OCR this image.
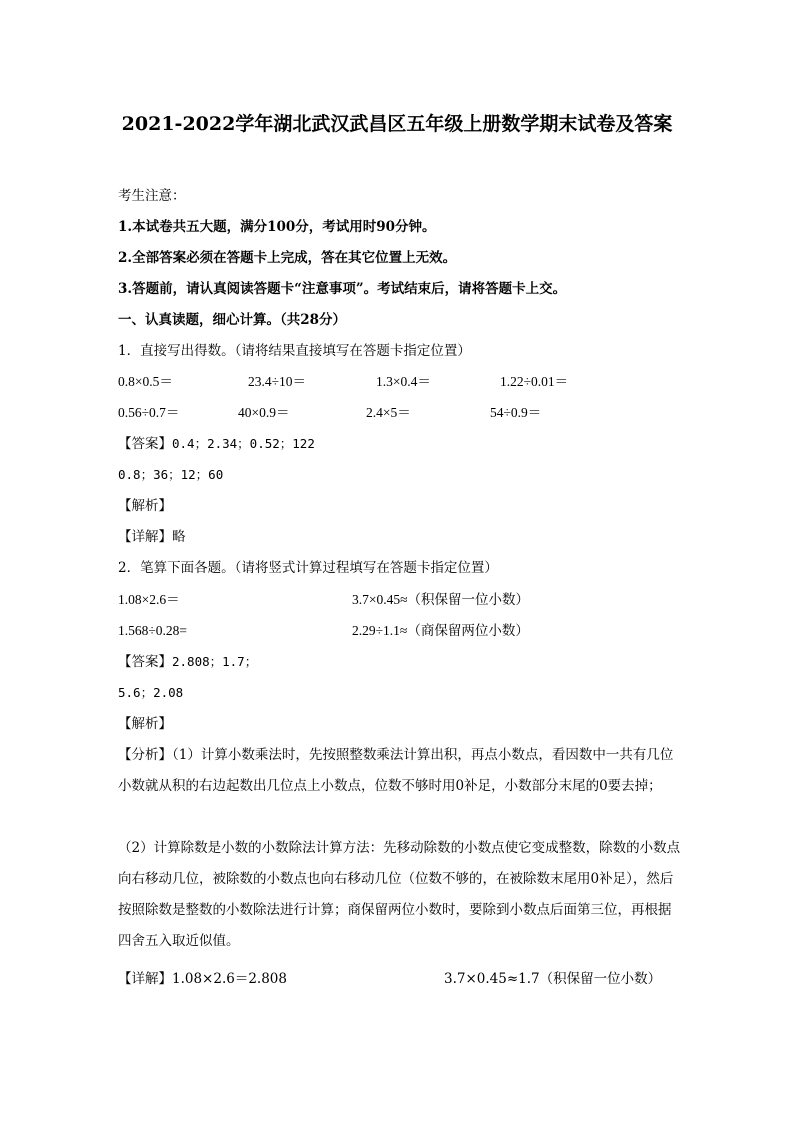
2021-2022学年湖北武汉武昌区五年级上册数学期末试卷及答案
考生注意：
1.本试卷共五大题，满分100分，考试用时90分钟。
2.全部答案必须在答题卡上完成，答在其它位置上无效。
3.答题前，请认真阅读答题卡“注意事项”。考试结束后，请将答题卡上交。
一、认真读题，细心计算。（共28分）
1．直接写出得数。（请将结果直接填写在答题卡指定位置）
0.8×0.5＝	23.4÷10＝	1.3×0.4＝	1.22÷0.01＝
0.56÷0.7＝	40×0.9＝	2.4×5＝	54÷0.9＝
【答案】0.4；2.34；0.52；122
0.8；36；12；60
【解析】
【详解】略
2．笔算下面各题。（请将竖式计算过程填写在答题卡指定位置）
1.08×2.6＝	3.7×0.45≈（积保留一位小数）
1.568÷0.28=	2.29÷1.1≈（商保留两位小数）
【答案】2.808；1.7；
5.6；2.08
【解析】
【分析】（1）计算小数乘法时，先按照整数乘法计算出积，再点小数点，看因数中一共有几位小数就从积的右边起数出几位点上小数点，位数不够时用0补足，小数部分末尾的0要去掉；
（2）计算除数是小数的小数除法计算方法：先移动除数的小数点使它变成整数，除数的小数点向右移动几位，被除数的小数点也向右移动几位（位数不够的，在被除数末尾用0补足），然后按照除数是整数的小数除法进行计算；商保留两位小数时，要除到小数点后面第三位，再根据四舍五入取近似值。
【详解】1.08×2.6＝2.808	3.7×0.45≈1.7（积保留一位小数）
